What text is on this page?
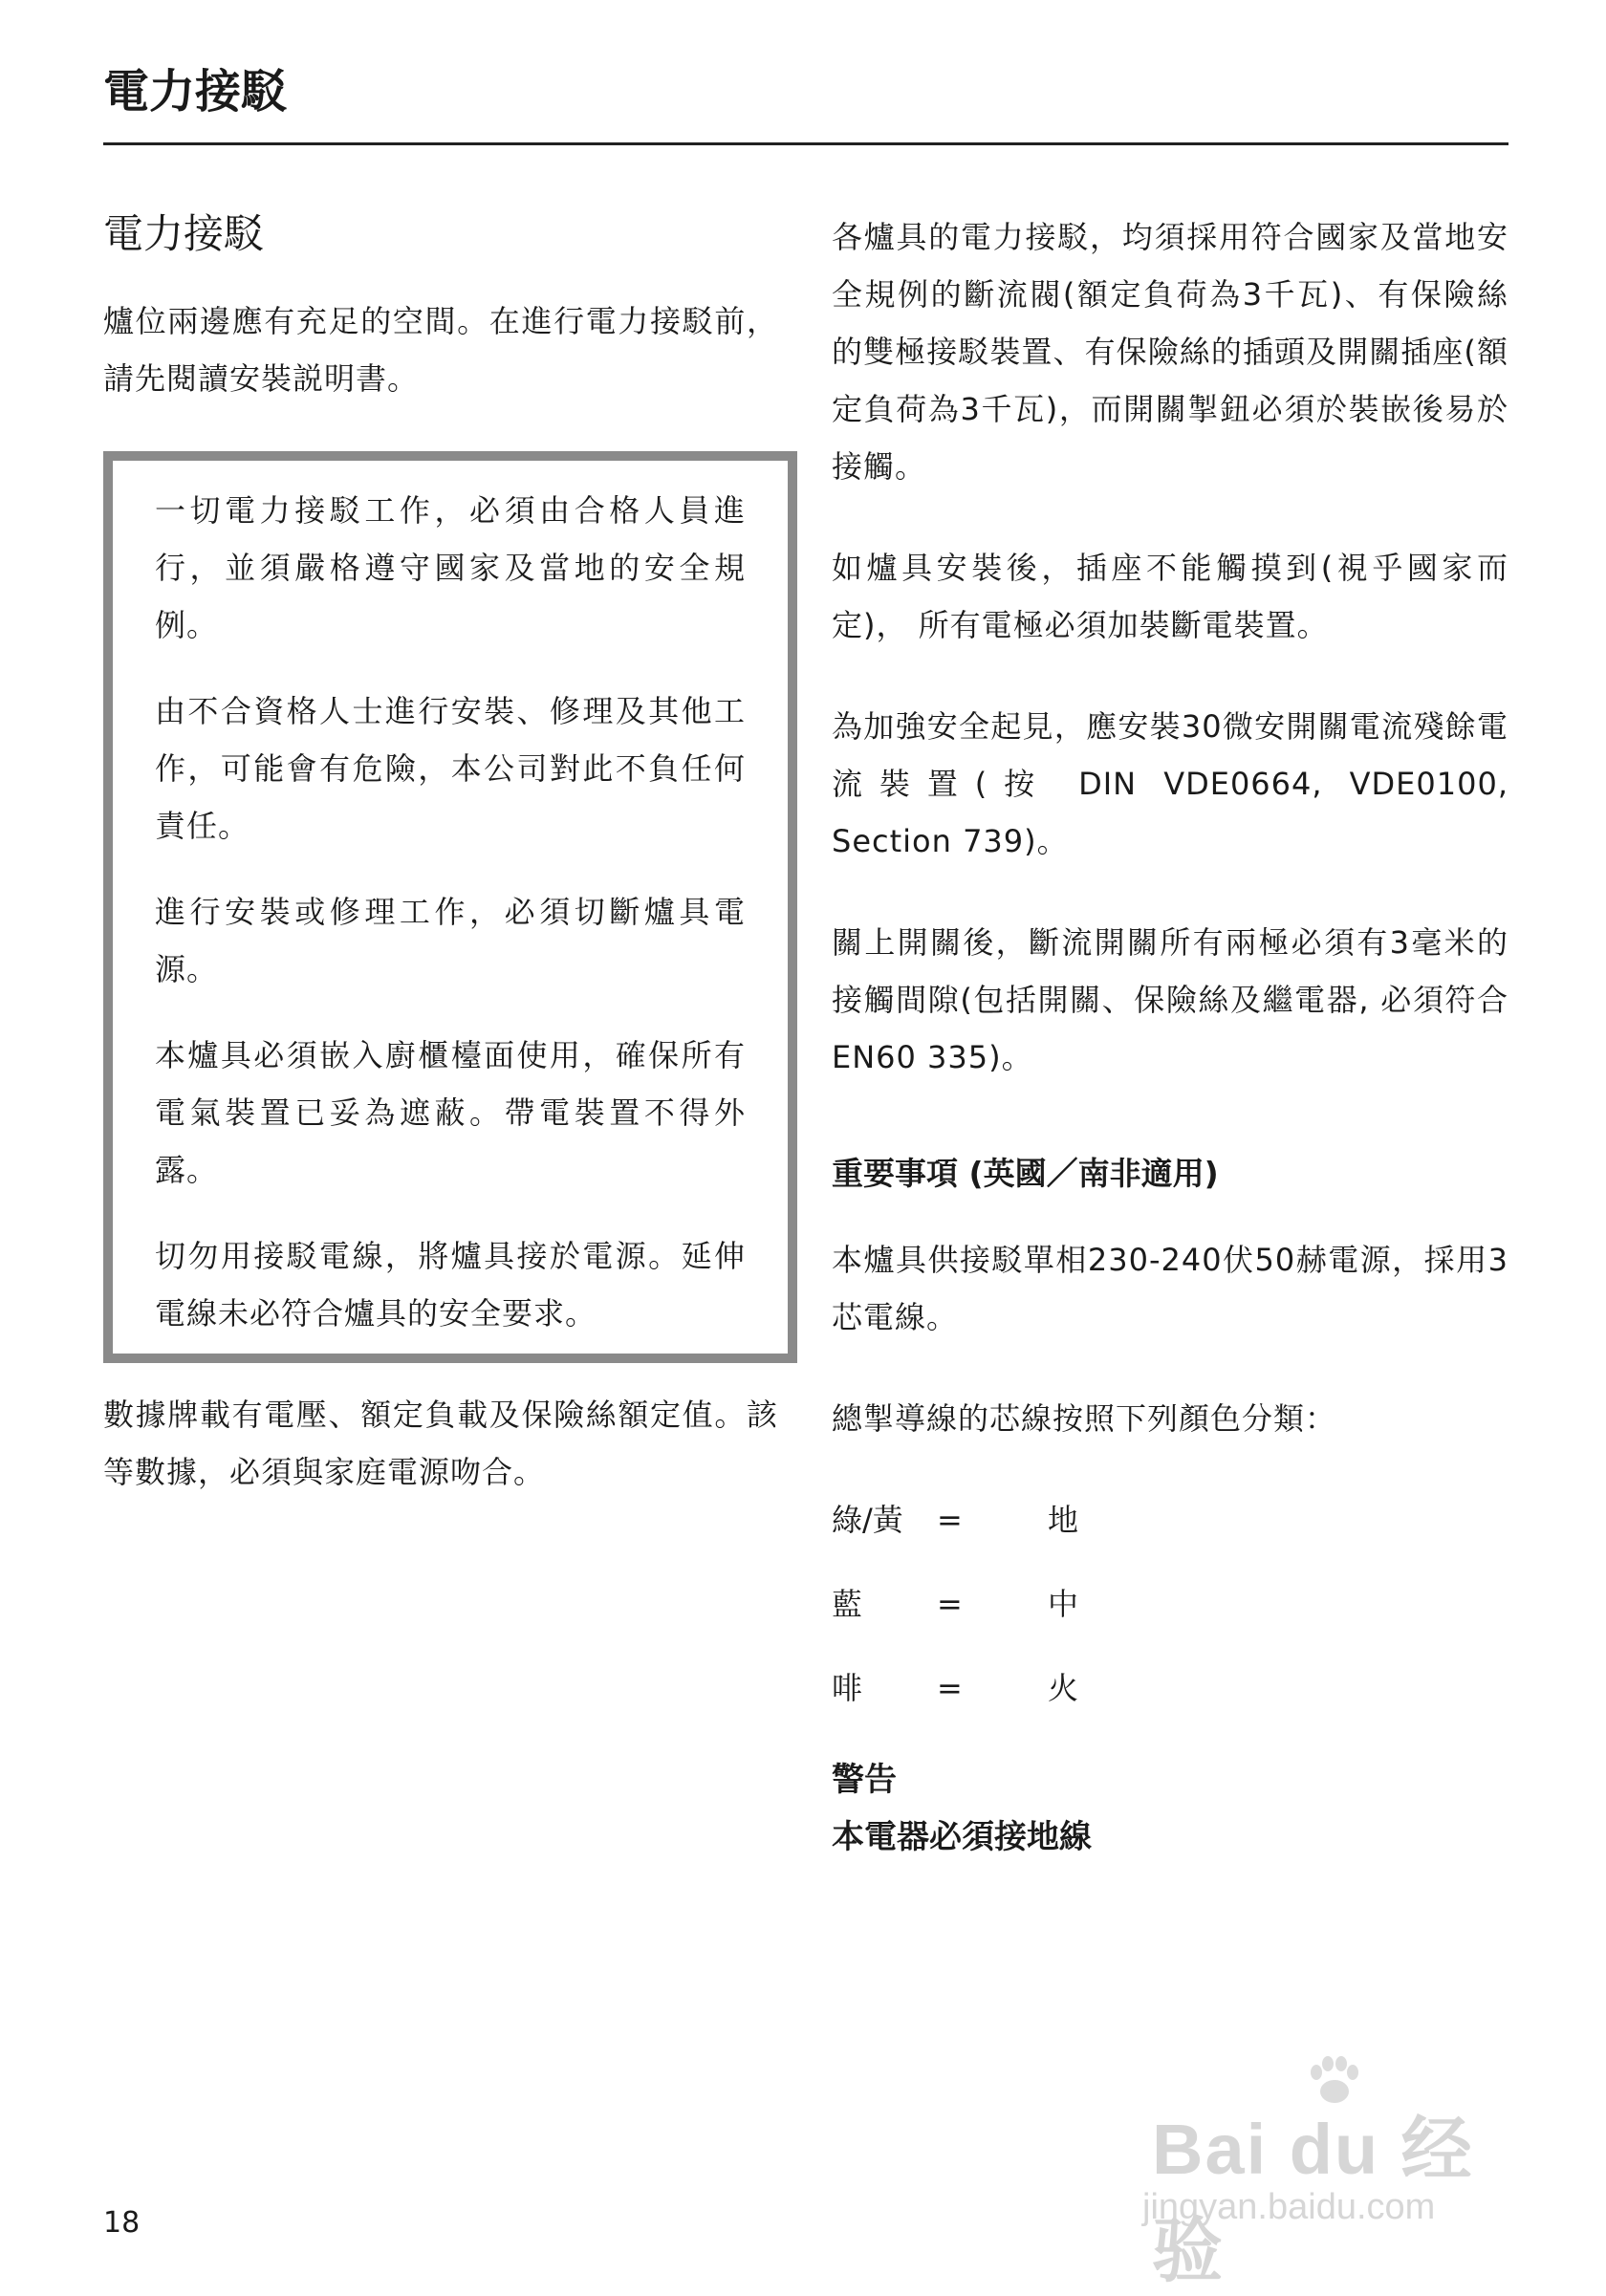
電力接駁
電力接駁

爐位兩邊應有充足的空間。在進行電力接駁前，請先閱讀安裝説明書。

一切電力接駁工作，必須由合格人員進行，並須嚴格遵守國家及當地的安全規例。

由不合資格人士進行安裝、修理及其他工作，可能會有危險，本公司對此不負任何責任。

進行安裝或修理工作，必須切斷爐具電源。

本爐具必須嵌入廚櫃檯面使用，確保所有電氣裝置已妥為遮蔽。帶電裝置不得外露。

切勿用接駁電線，將爐具接於電源。延伸電線未必符合爐具的安全要求。

數據牌載有電壓、額定負載及保險絲額定值。該等數據，必須與家庭電源吻合。

各爐具的電力接駁，均須採用符合國家及當地安全規例的斷流閥(額定負荷為3千瓦)、有保險絲的雙極接駁裝置、有保險絲的插頭及開關插座(額定負荷為3千瓦)，而開關掣鈕必須於裝嵌後易於接觸。

如爐具安裝後，插座不能觸摸到(視乎國家而定)， 所有電極必須加裝斷電裝置。

為加強安全起見，應安裝30微安開關電流殘餘電流裝置(按 DIN VDE0664, VDE0100, Section 739)。

關上開關後，斷流開關所有兩極必須有3毫米的接觸間隙(包括開關、保險絲及繼電器, 必須符合EN60 335)。

重要事項 (英國／南非適用)

本爐具供接駁單相230-240伏50赫電源，採用3芯電線。

總掣導線的芯線按照下列顏色分類：

綠/黃	=	地
藍	=	中
啡	=	火

警告

本電器必須接地線

18
Bai du 经验
jingyan.baidu.com
